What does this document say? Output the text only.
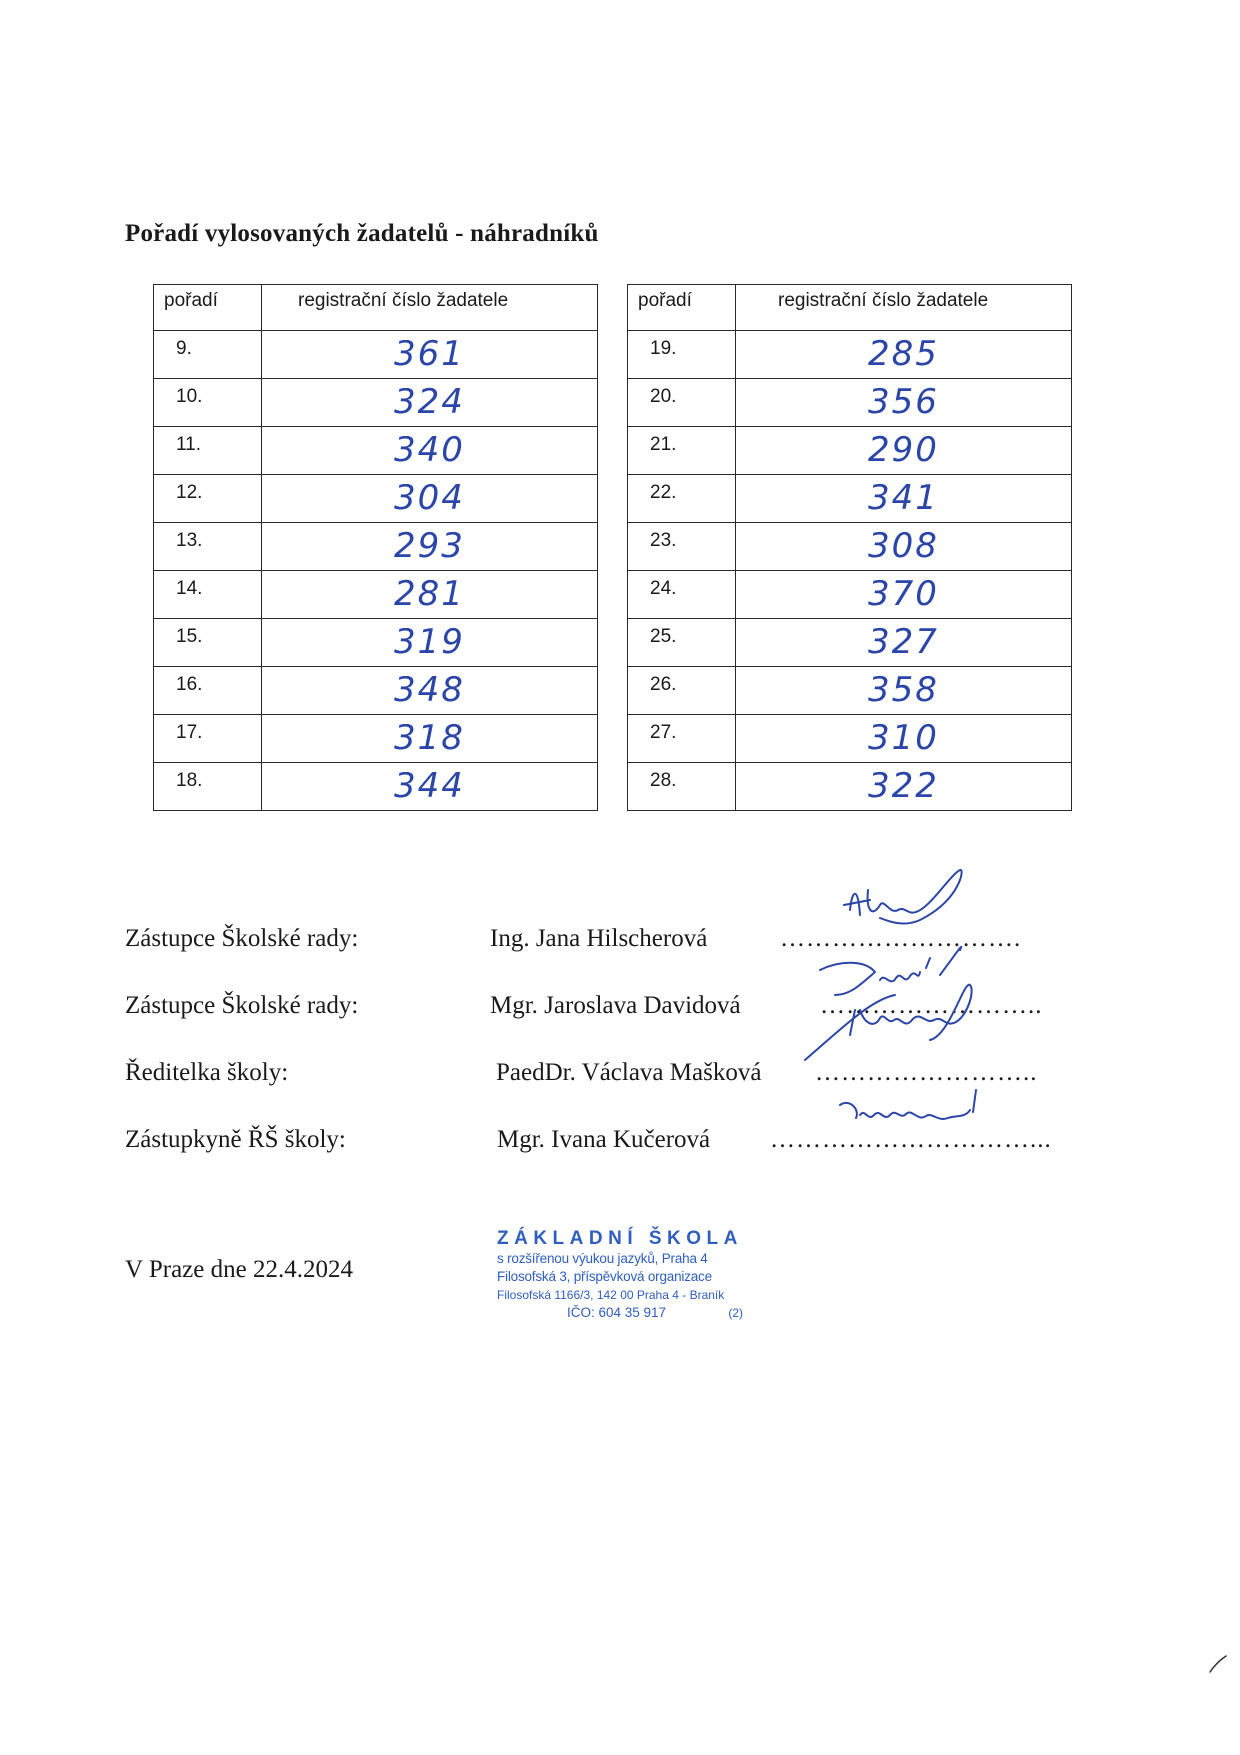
Pořadí vylosovaných žadatelů - náhradníků
pořadí	registrační číslo žadatele
9.	361
10.	324
11.	340
12.	304
13.	293
14.	281
15.	319
16.	348
17.	318
18.	344
pořadí	registrační číslo žadatele
19.	285
20.	356
21.	290
22.	341
23.	308
24.	370
25.	327
26.	358
27.	310
28.	322
Zástupce Školské rady:	Ing. Jana Hilscherová	……………………….
Zástupce Školské rady:	Mgr. Jaroslava Davidová	……………………..
Ředitelka školy:	PaedDr. Václava Mašková ……………………..
Zástupkyně ŘŠ školy:	Mgr. Ivana Kučerová …………………………...
V Praze dne 22.4.2024
ZÁKLADNÍ ŠKOLA
s rozšířenou výukou jazyků, Praha 4
Filosofská 3, příspěvková organizace
Filosofská 1166/3, 142 00 Praha 4 - Braník
IČO: 604 35 917	(2)
